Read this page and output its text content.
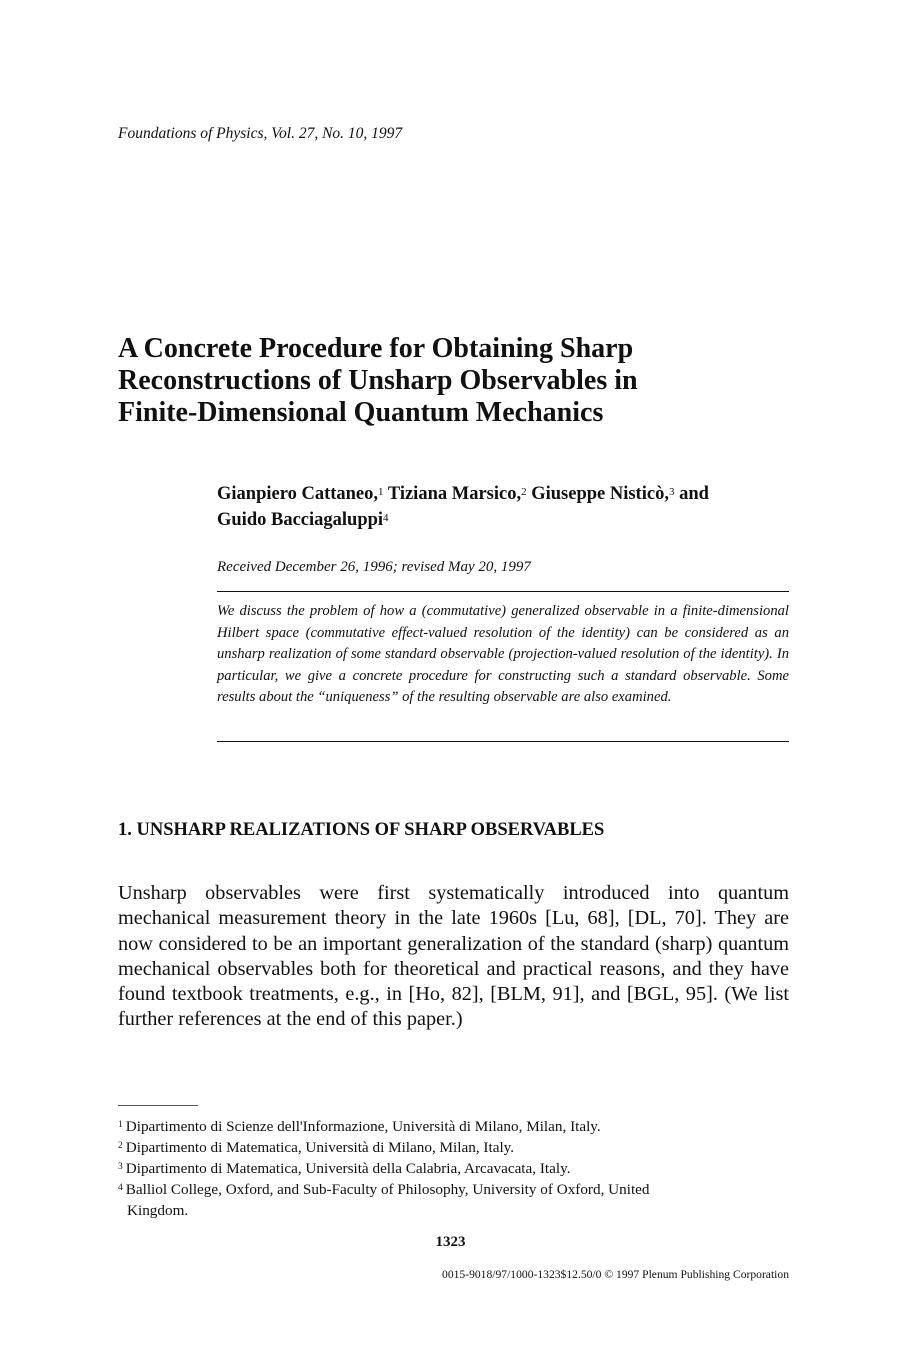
Foundations of Physics, Vol. 27, No. 10, 1997
A Concrete Procedure for Obtaining Sharp
Reconstructions of Unsharp Observables in
Finite-Dimensional Quantum Mechanics
Gianpiero Cattaneo,$^1$ Tiziana Marsico,$^2$ Giuseppe Nisticò,$^3$ and
Guido Bacciagaluppi$^4$
Received December 26, 1996; revised May 20, 1997
We discuss the problem of how a (commutative) generalized observable in a finite-dimensional Hilbert space (commutative effect-valued resolution of the identity) can be considered as an unsharp realization of some standard observable (projection-valued resolution of the identity). In particular, we give a concrete procedure for constructing such a standard observable. Some results about the “uniqueness” of the resulting observable are also examined.
1. UNSHARP REALIZATIONS OF SHARP OBSERVABLES
Unsharp observables were first systematically introduced into quantum mechanical measurement theory in the late 1960s [Lu, 68], [DL, 70]. They are now considered to be an important generalization of the standard (sharp) quantum mechanical observables both for theoretical and practical reasons, and they have found textbook treatments, e.g., in [Ho, 82], [BLM, 91], and [BGL, 95]. (We list further references at the end of this paper.)
$^1$ Dipartimento di Scienze dell'Informazione, Università di Milano, Milan, Italy.
$^2$ Dipartimento di Matematica, Università di Milano, Milan, Italy.
$^3$ Dipartimento di Matematica, Università della Calabria, Arcavacata, Italy.
$^4$ Balliol College, Oxford, and Sub-Faculty of Philosophy, University of Oxford, United
Kingdom.
1323
0015-9018/97/1000-1323$12.50/0 © 1997 Plenum Publishing Corporation
